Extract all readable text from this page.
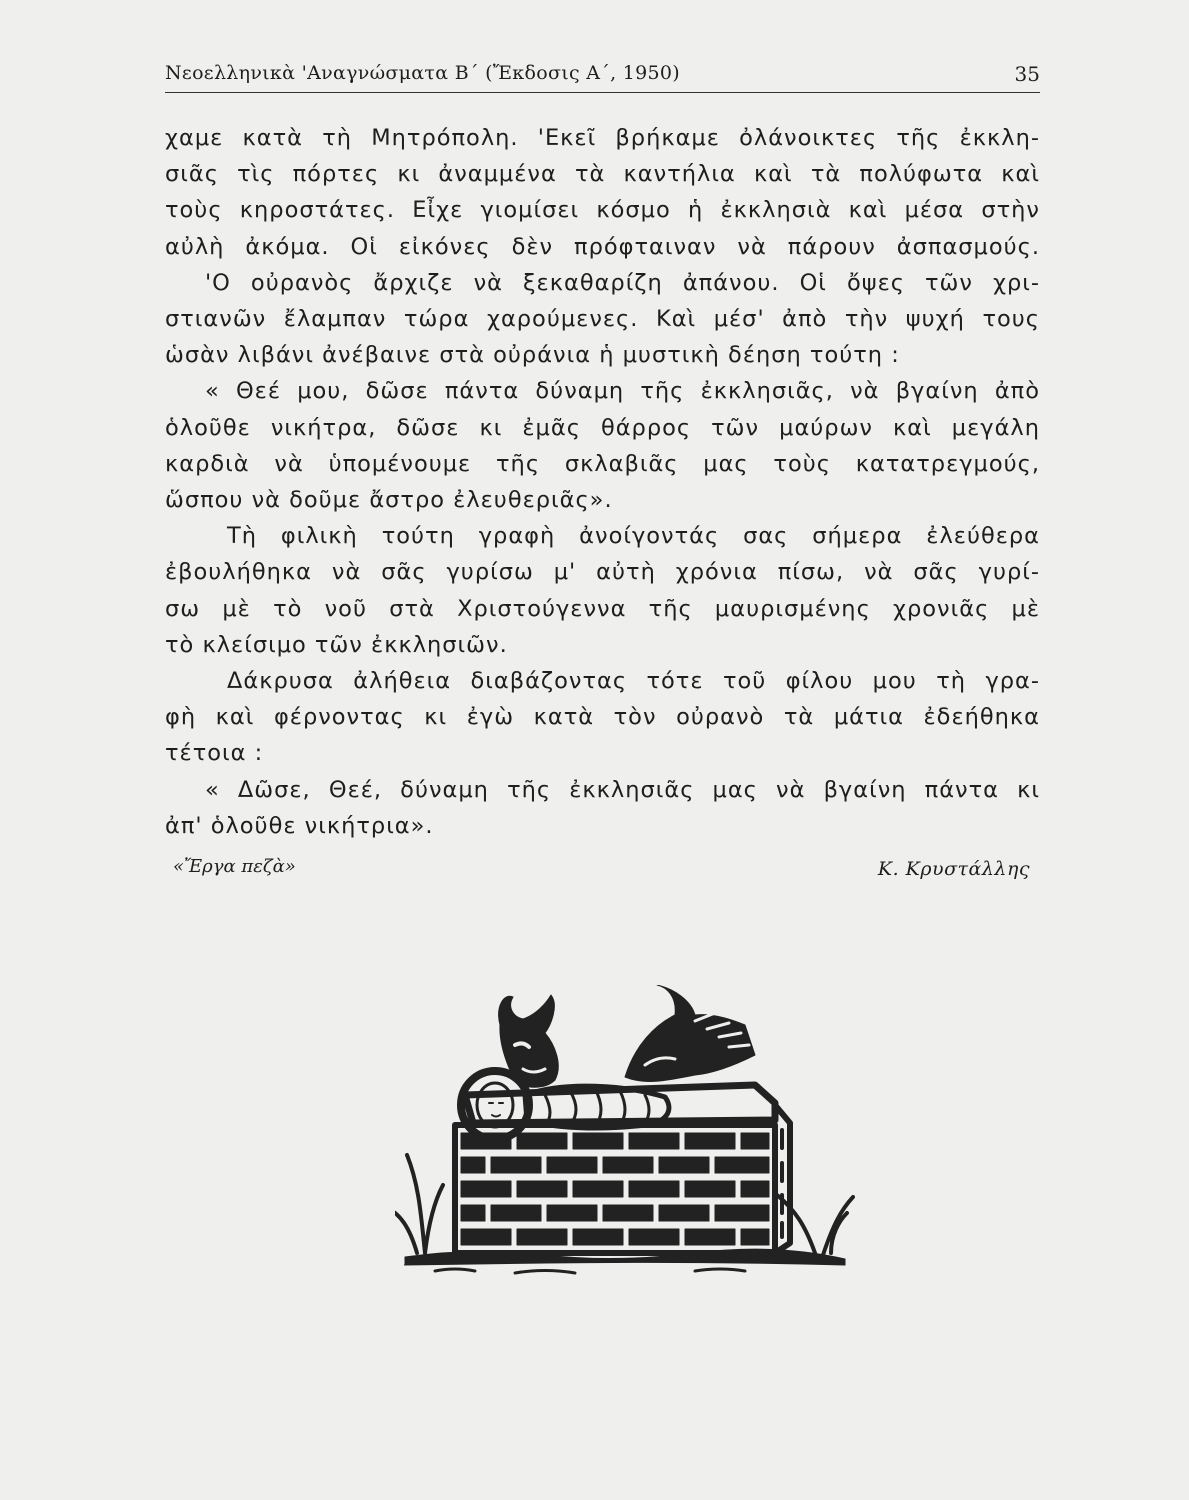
Νεοελληνικὰ 'Αναγνώσματα Β΄ (Ἔκδοσις Α΄, 1950)	35
χαμε κατὰ τὴ Μητρόπολη. 'Εκεῖ βρήκαμε ὀλάνοικτες τῆς ἐκκλη-
σιᾶς τὶς πόρτες κι ἀναμμένα τὰ καντήλια καὶ τὰ πολύφωτα καὶ
τοὺς κηροστάτες. Εἶχε γιομίσει κόσμο ἡ ἐκκλησιὰ καὶ μέσα στὴν
αὐλὴ ἀκόμα. Οἱ εἰκόνες δὲν πρόφταιναν νὰ πάρουν ἀσπασμούς.
'Ο οὐρανὸς ἄρχιζε νὰ ξεκαθαρίζη ἀπάνου. Οἱ ὄψες τῶν χρι-
στιανῶν ἔλαμπαν τώρα χαρούμενες. Καὶ μέσ' ἀπὸ τὴν ψυχή τους
ὡσὰν λιβάνι ἀνέβαινε στὰ οὐράνια ἡ μυστικὴ δέηση τούτη :
« Θεέ μου, δῶσε πάντα δύναμη τῆς ἐκκλησιᾶς, νὰ βγαίνη ἀπὸ
ὁλοῦθε νικήτρα, δῶσε κι ἐμᾶς θάρρος τῶν μαύρων καὶ μεγάλη
καρδιὰ νὰ ὑπομένουμε τῆς σκλαβιᾶς μας τοὺς κατατρεγμούς,
ὥσπου νὰ δοῦμε ἄστρο ἐλευθεριᾶς».
Τὴ φιλικὴ τούτη γραφὴ ἀνοίγοντάς σας σήμερα ἐλεύθερα
ἐβουλήθηκα νὰ σᾶς γυρίσω μ' αὐτὴ χρόνια πίσω, νὰ σᾶς γυρί-
σω μὲ τὸ νοῦ στὰ Χριστούγεννα τῆς μαυρισμένης χρονιᾶς μὲ
τὸ κλείσιμο τῶν ἐκκλησιῶν.
Δάκρυσα ἀλήθεια διαβάζοντας τότε τοῦ φίλου μου τὴ γρα-
φὴ καὶ φέρνοντας κι ἐγὼ κατὰ τὸν οὐρανὸ τὰ μάτια ἐδεήθηκα
τέτοια :
« Δῶσε, Θεέ, δύναμη τῆς ἐκκλησιᾶς μας νὰ βγαίνη πάντα κι
ἀπ' ὁλοῦθε νικήτρια».
«Ἔργα πεζὰ»	Κ. Κρυστάλλης
